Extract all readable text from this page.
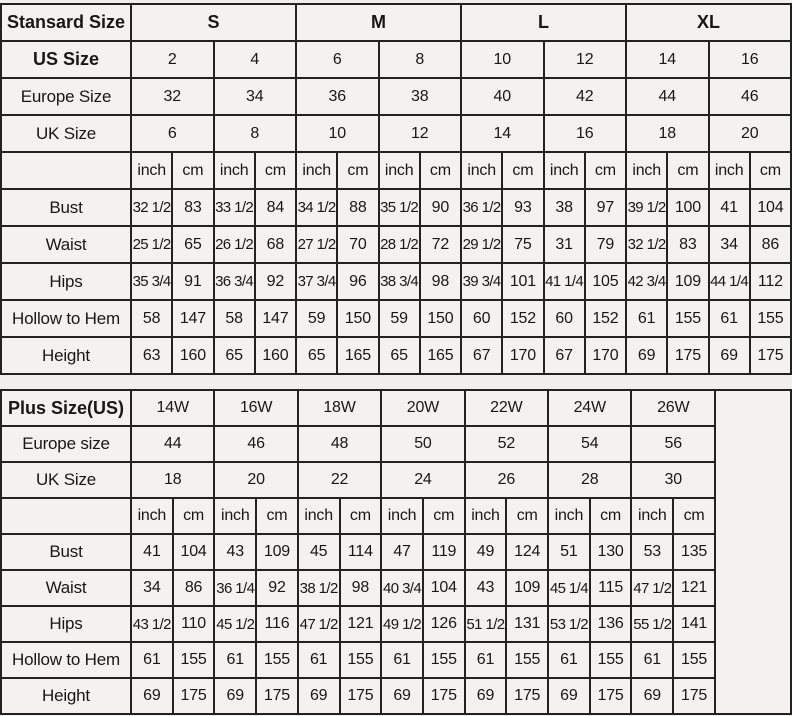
Stansard Size	S				M				L				XL			
US Size	2		4		6		8		10		12		14		16	
Europe Size	32		34		36		38		40		42		44		46	
UK Size	6		8		10		12		14		16		18		20	
	inch	cm	inch	cm	inch	cm	inch	cm	inch	cm	inch	cm	inch	cm	inch	cm
Bust	32 1/2	83	33 1/2	84	34 1/2	88	35 1/2	90	36 1/2	93	38	97	39 1/2	100	41	104
Waist	25 1/2	65	26 1/2	68	27 1/2	70	28 1/2	72	29 1/2	75	31	79	32 1/2	83	34	86
Hips	35 3/4	91	36 3/4	92	37 3/4	96	38 3/4	98	39 3/4	101	41 1/4	105	42 3/4	109	44 1/4	112
Hollow to Hem	58	147	58	147	59	150	59	150	60	152	60	152	61	155	61	155
Height	63	160	65	160	65	165	65	165	67	170	67	170	69	175	69	175
Plus Size(US)	14W		16W		18W		20W		22W		24W		26W		
Europe size	44		46		48		50		52		54		56		
UK Size	18		20		22		24		26		28		30		
	inch	cm	inch	cm	inch	cm	inch	cm	inch	cm	inch	cm	inch	cm	
Bust	41	104	43	109	45	114	47	119	49	124	51	130	53	135	
Waist	34	86	36 1/4	92	38 1/2	98	40 3/4	104	43	109	45 1/4	115	47 1/2	121	
Hips	43 1/2	110	45 1/2	116	47 1/2	121	49 1/2	126	51 1/2	131	53 1/2	136	55 1/2	141	
Hollow to Hem	61	155	61	155	61	155	61	155	61	155	61	155	61	155	
Height	69	175	69	175	69	175	69	175	69	175	69	175	69	175	
